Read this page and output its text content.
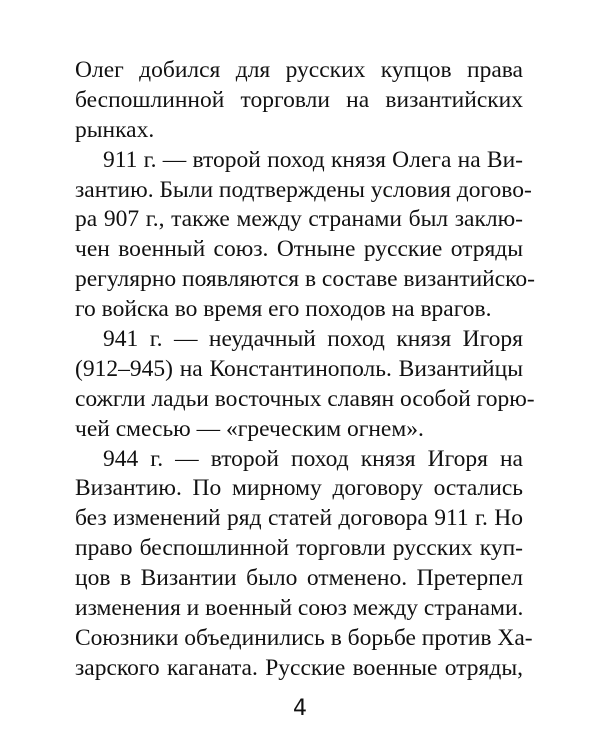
Олег добился для русских купцов права
беспошлинной торговли на византийских
рынках.
911 г. — второй поход князя Олега на Ви-
зантию. Были подтверждены условия догово-
ра 907 г., также между странами был заклю-
чен военный союз. Отныне русские отряды
регулярно появляются в составе византийско-
го войска во время его походов на врагов.
941 г. — неудачный поход князя Игоря
(912–945) на Константинополь. Византийцы
сожгли ладьи восточных славян особой горю-
чей смесью — «греческим огнем».
944 г. — второй поход князя Игоря на
Византию. По мирному договору остались
без изменений ряд статей договора 911 г. Но
право беспошлинной торговли русских куп-
цов в Византии было отменено. Претерпел
изменения и военный союз между странами.
Союзники объединились в борьбе против Ха-
зарского каганата. Русские военные отряды,
4
